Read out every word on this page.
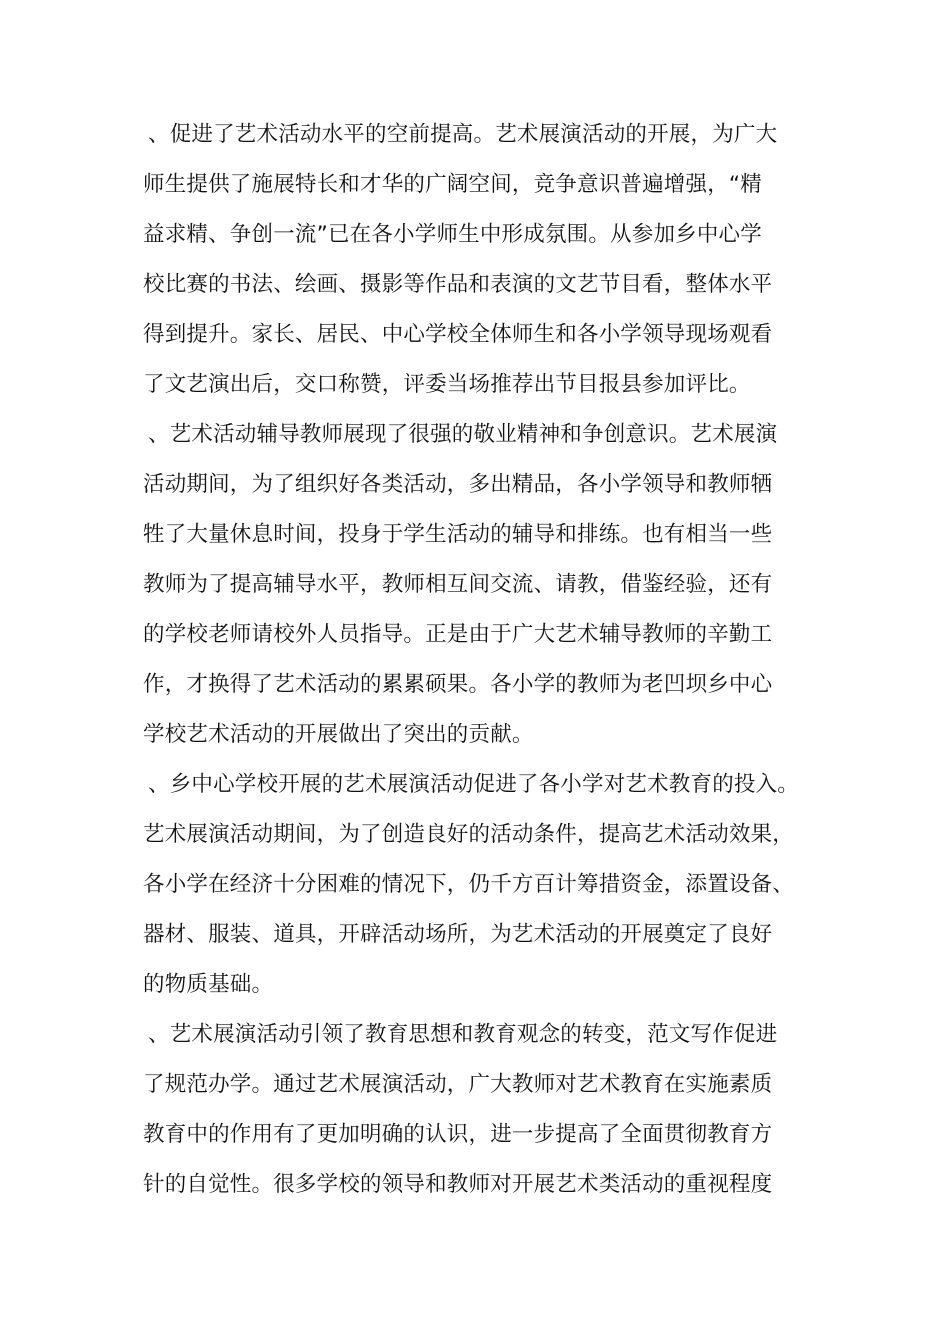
、促进了艺术活动水平的空前提高。艺术展演活动的开展，为广大
师生提供了施展特长和才华的广阔空间，竞争意识普遍增强，“精
益求精、争创一流”已在各小学师生中形成氛围。从参加乡中心学
校比赛的书法、绘画、摄影等作品和表演的文艺节目看，整体水平
得到提升。家长、居民、中心学校全体师生和各小学领导现场观看
了文艺演出后，交口称赞，评委当场推荐出节目报县参加评比。
、艺术活动辅导教师展现了很强的敬业精神和争创意识。艺术展演
活动期间，为了组织好各类活动，多出精品，各小学领导和教师牺
牲了大量休息时间，投身于学生活动的辅导和排练。也有相当一些
教师为了提高辅导水平，教师相互间交流、请教，借鉴经验，还有
的学校老师请校外人员指导。正是由于广大艺术辅导教师的辛勤工
作，才换得了艺术活动的累累硕果。各小学的教师为老凹坝乡中心
学校艺术活动的开展做出了突出的贡献。
、乡中心学校开展的艺术展演活动促进了各小学对艺术教育的投入。
艺术展演活动期间，为了创造良好的活动条件，提高艺术活动效果，
各小学在经济十分困难的情况下，仍千方百计筹措资金，添置设备、
器材、服装、道具，开辟活动场所，为艺术活动的开展奠定了良好
的物质基础。
、艺术展演活动引领了教育思想和教育观念的转变，范文写作促进
了规范办学。通过艺术展演活动，广大教师对艺术教育在实施素质
教育中的作用有了更加明确的认识，进一步提高了全面贯彻教育方
针的自觉性。很多学校的领导和教师对开展艺术类活动的重视程度
